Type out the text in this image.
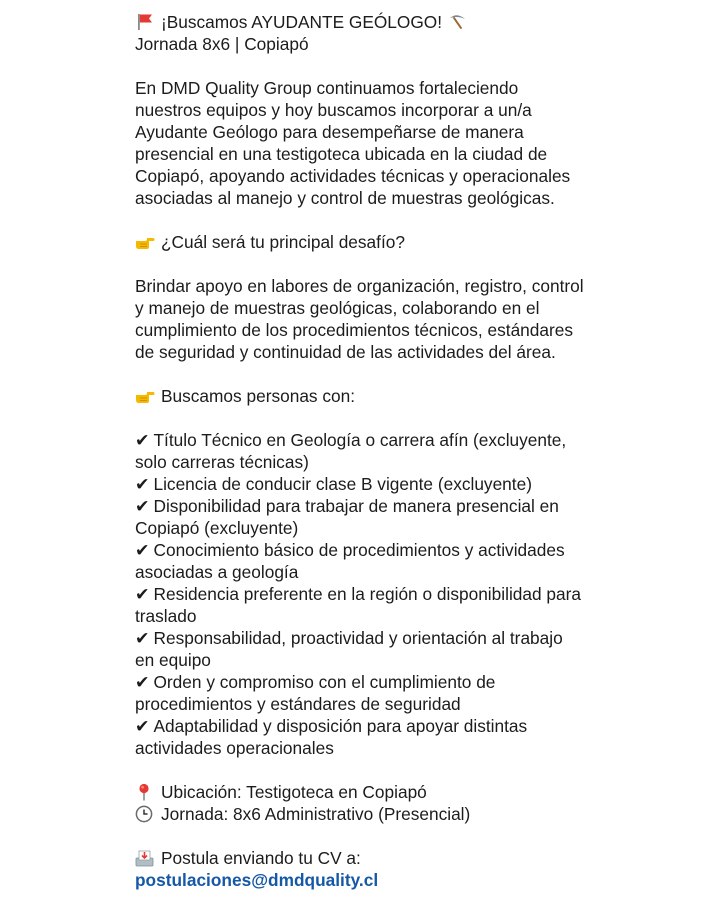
¡Buscamos AYUDANTE GEÓLOGO!
Jornada 8x6 | Copiapó
En DMD Quality Group continuamos fortaleciendo
nuestros equipos y hoy buscamos incorporar a un/a
Ayudante Geólogo para desempeñarse de manera
presencial en una testigoteca ubicada en la ciudad de
Copiapó, apoyando actividades técnicas y operacionales
asociadas al manejo y control de muestras geológicas.
¿Cuál será tu principal desafío?
Brindar apoyo en labores de organización, registro, control
y manejo de muestras geológicas, colaborando en el
cumplimiento de los procedimientos técnicos, estándares
de seguridad y continuidad de las actividades del área.
Buscamos personas con:
✔ Título Técnico en Geología o carrera afín (excluyente,
solo carreras técnicas)
✔ Licencia de conducir clase B vigente (excluyente)
✔ Disponibilidad para trabajar de manera presencial en
Copiapó (excluyente)
✔ Conocimiento básico de procedimientos y actividades
asociadas a geología
✔ Residencia preferente en la región o disponibilidad para
traslado
✔ Responsabilidad, proactividad y orientación al trabajo
en equipo
✔ Orden y compromiso con el cumplimiento de
procedimientos y estándares de seguridad
✔ Adaptabilidad y disposición para apoyar distintas
actividades operacionales
Ubicación: Testigoteca en Copiapó
Jornada: 8x6 Administrativo (Presencial)
Postula enviando tu CV a:
postulaciones@dmdquality.cl
